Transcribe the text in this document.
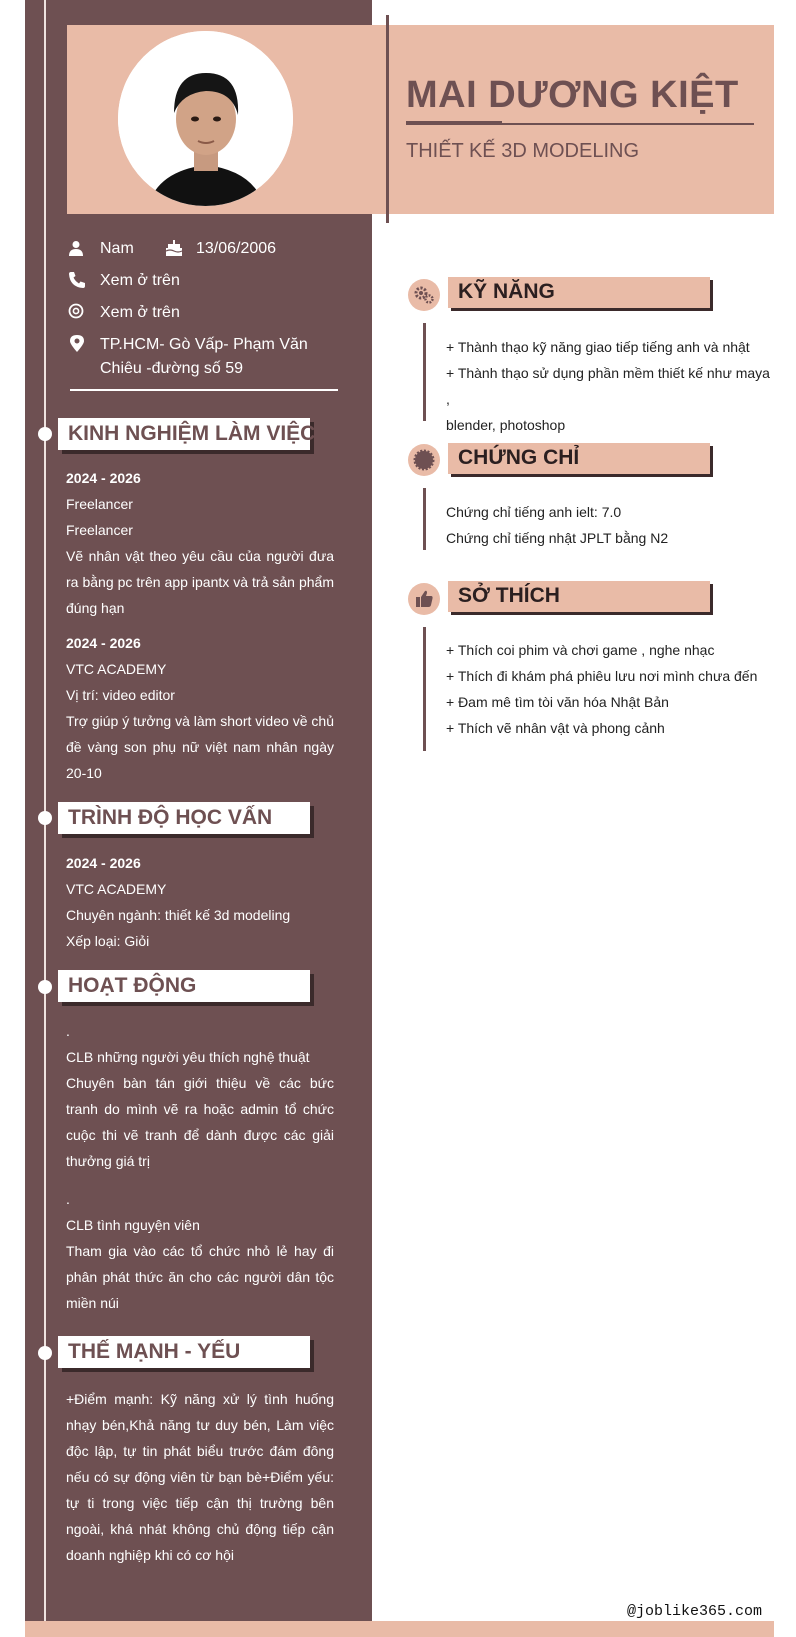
MAI DƯƠNG KIỆT
THIẾT KẾ 3D MODELING
Nam	13/06/2006
Xem ở trên
Xem ở trên
TP.HCM- Gò Vấp- Phạm Văn
Chiêu -đường số 59
KINH NGHIỆM LÀM VIỆC

2024 - 2026

Freelancer

Freelancer

Vẽ nhân vật theo yêu cầu của người đưa ra bằng pc trên app ipantx và trả sản phẩm đúng hạn

2024 - 2026

VTC ACADEMY

Vị trí: video editor

Trợ giúp ý tưởng và làm short video về chủ đề vàng son phụ nữ việt nam nhân ngày 20-10

TRÌNH ĐỘ HỌC VẤN

2024 - 2026

VTC ACADEMY

Chuyên ngành: thiết kế 3d modeling

Xếp loại: Giỏi

HOẠT ĐỘNG

.

CLB những người yêu thích nghệ thuật

Chuyên bàn tán giới thiệu về các bức tranh do mình vẽ ra hoặc admin tổ chức cuộc thi vẽ tranh để dành được các giải thưởng giá trị

.

CLB tình nguyện viên

Tham gia vào các tổ chức nhỏ lẻ hay đi phân phát thức ăn cho các người dân tộc miền núi

THẾ MẠNH - YẾU

+Điểm mạnh: Kỹ năng xử lý tình huống nhạy bén,Khả năng tư duy bén, Làm việc độc lập, tự tin phát biểu trước đám đông nếu có sự động viên từ bạn bè+Điểm yếu: tự ti trong việc tiếp cận thị trường bên ngoài, khá nhát không chủ động tiếp cận doanh nghiệp khi có cơ hội

KỸ NĂNG

+ Thành thạo kỹ năng giao tiếp tiếng anh và nhật

+ Thành thạo sử dụng phần mềm thiết kế như maya ,

blender, photoshop

CHỨNG CHỈ

Chứng chỉ tiếng anh ielt: 7.0

Chứng chỉ tiếng nhật JPLT bằng N2

SỞ THÍCH

+ Thích coi phim và chơi game , nghe nhạc

+ Thích đi khám phá phiêu lưu nơi mình chưa đến

+ Đam mê tìm tòi văn hóa Nhật Bản

+ Thích vẽ nhân vật và phong cảnh

@joblike365.com
